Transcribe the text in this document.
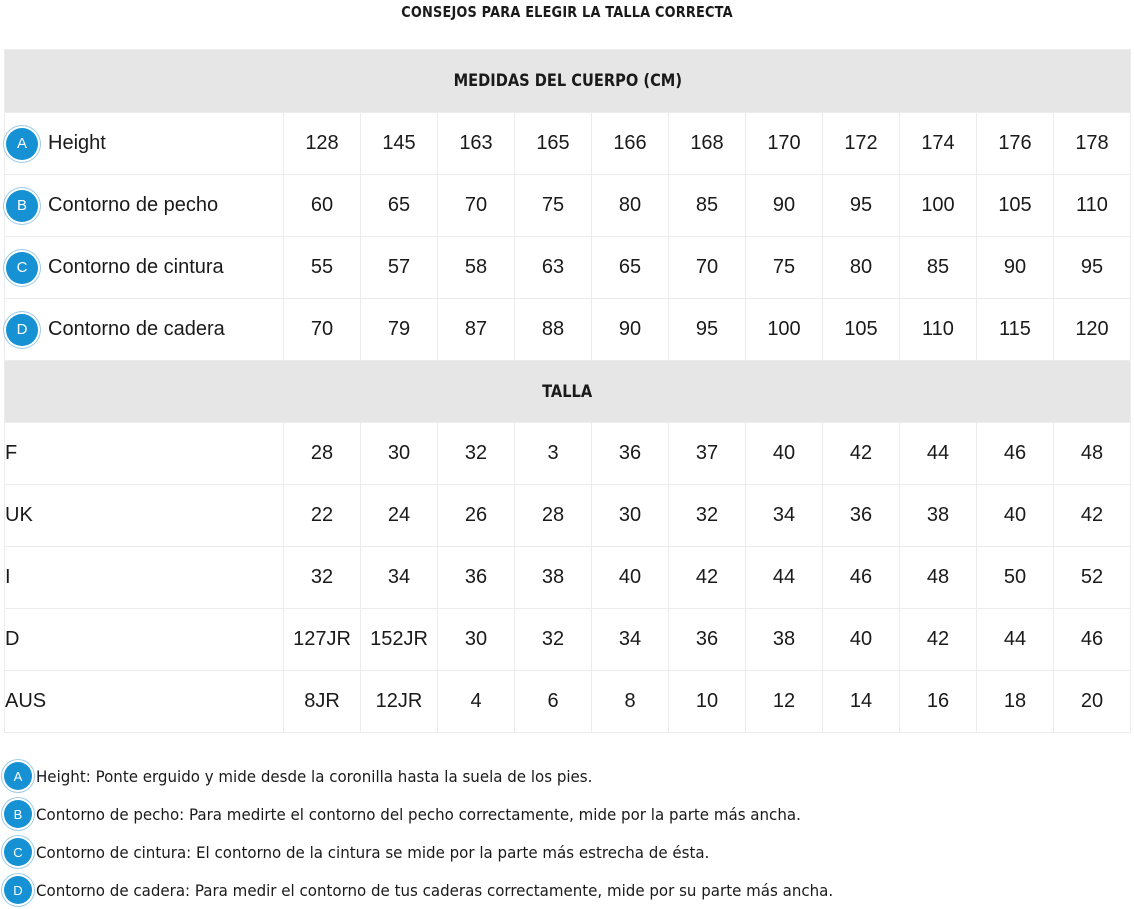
CONSEJOS PARA ELEGIR LA TALLA CORRECTA
MEDIDAS DEL CUERPO (CM)											

A Height	128	145	163	165	166	168	170	172	174	176	178

B Contorno de pecho	60	65	70	75	80	85	90	95	100	105	110

C Contorno de cintura	55	57	58	63	65	70	75	80	85	90	95

D Contorno de cadera	70	79	87	88	90	95	100	105	110	115	120
TALLA											
F	28	30	32	3	36	37	40	42	44	46	48
UK	22	24	26	28	30	32	34	36	38	40	42
I	32	34	36	38	40	42	44	46	48	50	52
D	127JR	152JR	30	32	34	36	38	40	42	44	46
AUS	8JR	12JR	4	6	8	10	12	14	16	18	20
A Height: Ponte erguido y mide desde la coronilla hasta la suela de los pies.
B Contorno de pecho: Para medirte el contorno del pecho correctamente, mide por la parte más ancha.
C Contorno de cintura: El contorno de la cintura se mide por la parte más estrecha de ésta.
D Contorno de cadera: Para medir el contorno de tus caderas correctamente, mide por su parte más ancha.
